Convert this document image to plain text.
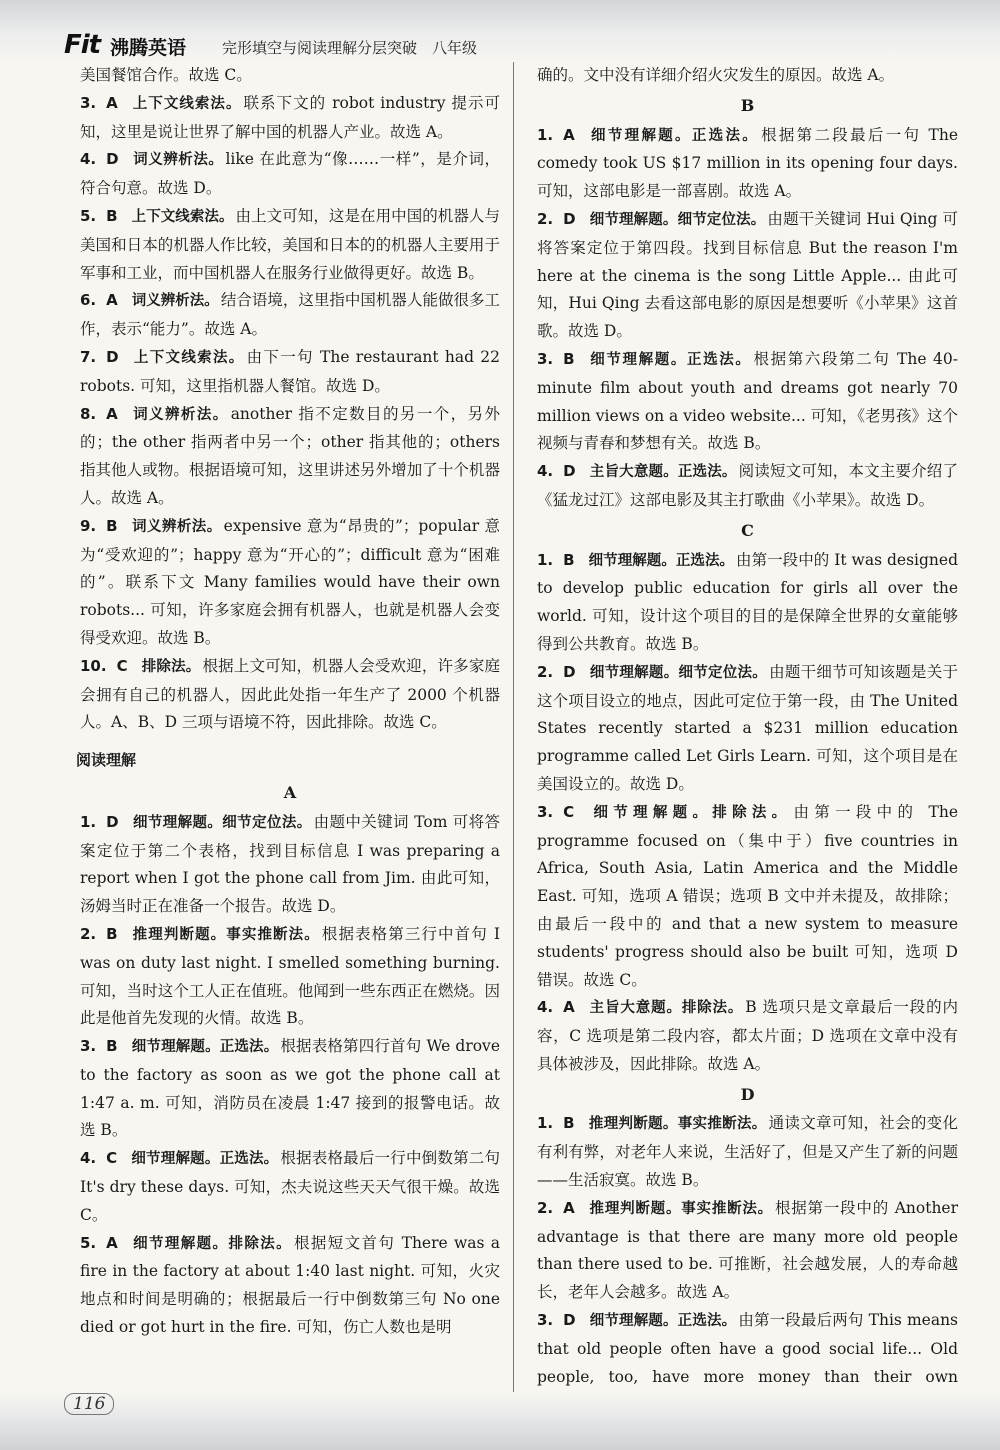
Fit 沸腾英语 完形填空与阅读理解分层突破　八年级
美国餐馆合作。故选 C。
3. A 上下文线索法。 联系下文的 robot industry 提示可知，这里是说让世界了解中国的机器人产业。故选 A。
4. D 词义辨析法。 like 在此意为“像……一样”，是介词，符合句意。故选 D。
5. B 上下文线索法。 由上文可知，这是在用中国的机器人与美国和日本的机器人作比较，美国和日本的的机器人主要用于军事和工业，而中国机器人在服务行业做得更好。故选 B。
6. A 词义辨析法。 结合语境，这里指中国机器人能做很多工作，表示“能力”。故选 A。
7. D 上下文线索法。 由下一句 The restaurant had 22 robots. 可知，这里指机器人餐馆。故选 D。
8. A 词义辨析法。 another 指不定数目的另一个，另外的；the other 指两者中另一个；other 指其他的；others 指其他人或物。根据语境可知，这里讲述另外增加了十个机器人。故选 A。
9. B 词义辨析法。 expensive 意为“昂贵的”；popular 意为“受欢迎的”；happy 意为“开心的”；difficult 意为“困难的”。联系下文 Many families would have their own robots... 可知，许多家庭会拥有机器人，也就是机器人会变得受欢迎。故选 B。
10. C 排除法。 根据上文可知，机器人会受欢迎，许多家庭会拥有自己的机器人，因此此处指一年生产了 2000 个机器人。A、B、D 三项与语境不符，因此排除。故选 C。
阅读理解
A
1. D 细节理解题。细节定位法。 由题中关键词 Tom 可将答案定位于第二个表格，找到目标信息 I was preparing a report when I got the phone call from Jim. 由此可知，汤姆当时正在准备一个报告。故选 D。
2. B 推理判断题。事实推断法。 根据表格第三行中首句 I was on duty last night. I smelled something burning. 可知，当时这个工人正在值班。他闻到一些东西正在燃烧。因此是他首先发现的火情。故选 B。
3. B 细节理解题。正选法。 根据表格第四行首句 We drove to the factory as soon as we got the phone call at 1:47 a. m. 可知，消防员在凌晨 1:47 接到的报警电话。故选 B。
4. C 细节理解题。正选法。 根据表格最后一行中倒数第二句 It's dry these days. 可知，杰夫说这些天天气很干燥。故选 C。
5. A 细节理解题。排除法。 根据短文首句 There was a fire in the factory at about 1:40 last night. 可知，火灾地点和时间是明确的；根据最后一行中倒数第三句 No one died or got hurt in the fire. 可知，伤亡人数也是明
确的。文中没有详细介绍火灾发生的原因。故选 A。
B
1. A 细节理解题。正选法。 根据第二段最后一句 The comedy took US $17 million in its opening four days. 可知，这部电影是一部喜剧。故选 A。
2. D 细节理解题。细节定位法。 由题干关键词 Hui Qing 可将答案定位于第四段。找到目标信息 But the reason I'm here at the cinema is the song Little Apple... 由此可知，Hui Qing 去看这部电影的原因是想要听《小苹果》这首歌。故选 D。
3. B 细节理解题。正选法。 根据第六段第二句 The 40-minute film about youth and dreams got nearly 70 million views on a video website... 可知，《老男孩》这个视频与青春和梦想有关。故选 B。
4. D 主旨大意题。正选法。 阅读短文可知，本文主要介绍了《猛龙过江》这部电影及其主打歌曲《小苹果》。故选 D。
C
1. B 细节理解题。正选法。 由第一段中的 It was designed to develop public education for girls all over the world. 可知，设计这个项目的目的是保障全世界的女童能够得到公共教育。故选 B。
2. D 细节理解题。细节定位法。 由题干细节可知该题是关于这个项目设立的地点，因此可定位于第一段，由 The United States recently started a $231 million education programme called Let Girls Learn. 可知，这个项目是在美国设立的。故选 D。
3. C 细节理解题。排除法。 由第一段中的 The programme focused on（集中于）five countries in Africa, South Asia, Latin America and the Middle East. 可知，选项 A 错误；选项 B 文中并未提及，故排除；由最后一段中的 and that a new system to measure students' progress should also be built 可知，选项 D 错误。故选 C。
4. A 主旨大意题。排除法。 B 选项只是文章最后一段的内容，C 选项是第二段内容，都太片面；D 选项在文章中没有具体被涉及，因此排除。故选 A。
D
1. B 推理判断题。事实推断法。 通读文章可知，社会的变化有利有弊，对老年人来说，生活好了，但是又产生了新的问题——生活寂寞。故选 B。
2. A 推理判断题。事实推断法。 根据第一段中的 Another advantage is that there are many more old people than there used to be. 可推断，社会越发展，人的寿命越长，老年人会越多。故选 A。
3. D 细节理解题。正选法。 由第一段最后两句 This means that old people often have a good social life... Old people, too, have more money than their own
116
